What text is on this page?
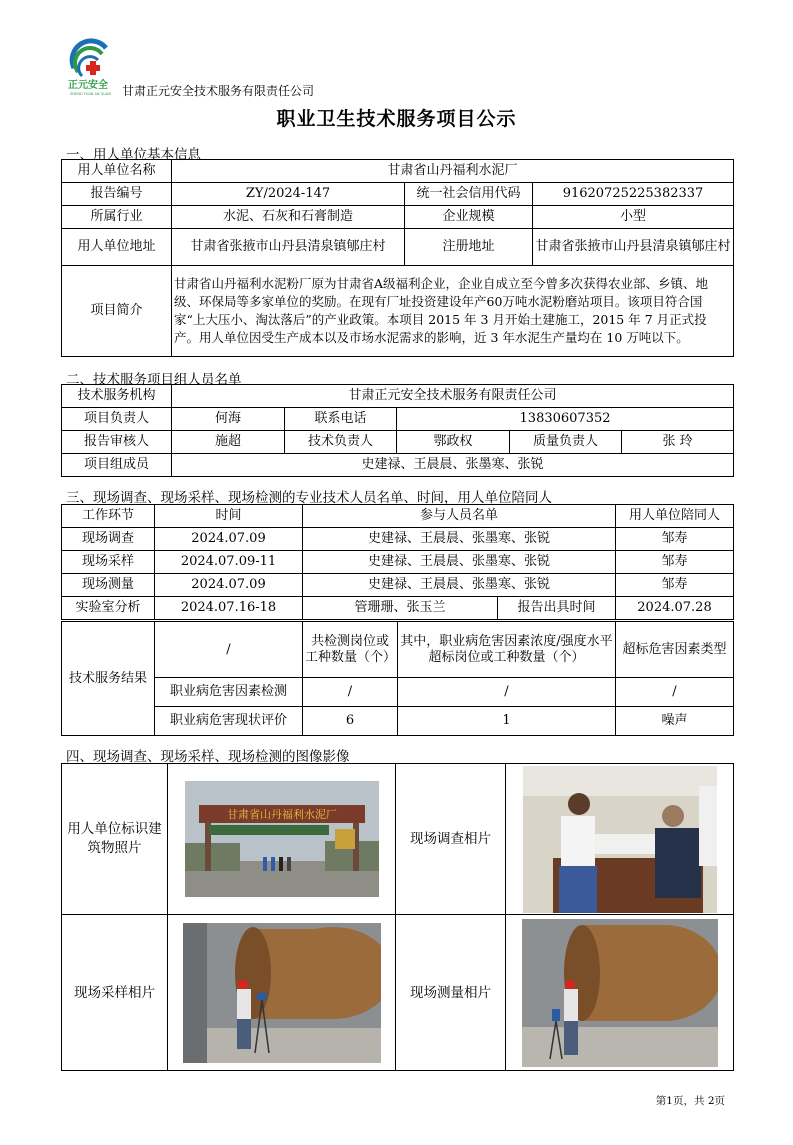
正元安全
ZHENG YUAN AN QUAN 甘肃正元安全技术服务有限责任公司
职业卫生技术服务项目公示
一、用人单位基本信息
用人单位名称	甘肃省山丹福利水泥厂		
报告编号	ZY/2024-147	统一社会信用代码	91620725225382337
所属行业	水泥、石灰和石膏制造	企业规模	小型
用人单位地址	甘肃省张掖市山丹县清泉镇郇庄村	注册地址	甘肃省张掖市山丹县清泉镇郇庄村
项目简介	甘肃省山丹福利水泥粉厂原为甘肃省A级福利企业，企业自成立至今曾多次获得农业部、乡镇、地级、环保局等多家单位的奖励。在现有厂址投资建设年产60万吨水泥粉磨站项目。该项目符合国家“上大压小、淘汰落后”的产业政策。本项目 2015 年 3 月开始土建施工，2015 年 7 月正式投产。用人单位因受生产成本以及市场水泥需求的影响，近 3 年水泥生产量均在 10 万吨以下。		
二、技术服务项目组人员名单
技术服务机构	甘肃正元安全技术服务有限责任公司				
项目负责人	何海	联系电话	13830607352		
报告审核人	施超	技术负责人	鄂政权	质量负责人	张 玲
项目组成员	史建禄、王晨晨、张墨寒、张锐				
三、现场调查、现场采样、现场检测的专业技术人员名单、时间，用人单位陪同人
工作环节	时间	参与人员名单		用人单位陪同人
现场调查	2024.07.09	史建禄、王晨晨、张墨寒、张锐		邹寿
现场采样	2024.07.09-11	史建禄、王晨晨、张墨寒、张锐		邹寿
现场测量	2024.07.09	史建禄、王晨晨、张墨寒、张锐		邹寿
实验室分析	2024.07.16-18	管珊珊、张玉兰	报告出具时间	2024.07.28
技术服务结果	/	共检测岗位或工种数量（个）	其中，职业病危害因素浓度/强度水平超标岗位或工种数量（个）	超标危害因素类型
	职业病危害因素检测	/	/	/
	职业病危害现状评价	6	1	噪声
四、现场调查、现场采样、现场检测的图像影像
用人单位标识建筑物照片	甘肃省山丹福利水泥厂	现场调查相片	

现场采样相片		现场测量相片	
第1页，共 2页
